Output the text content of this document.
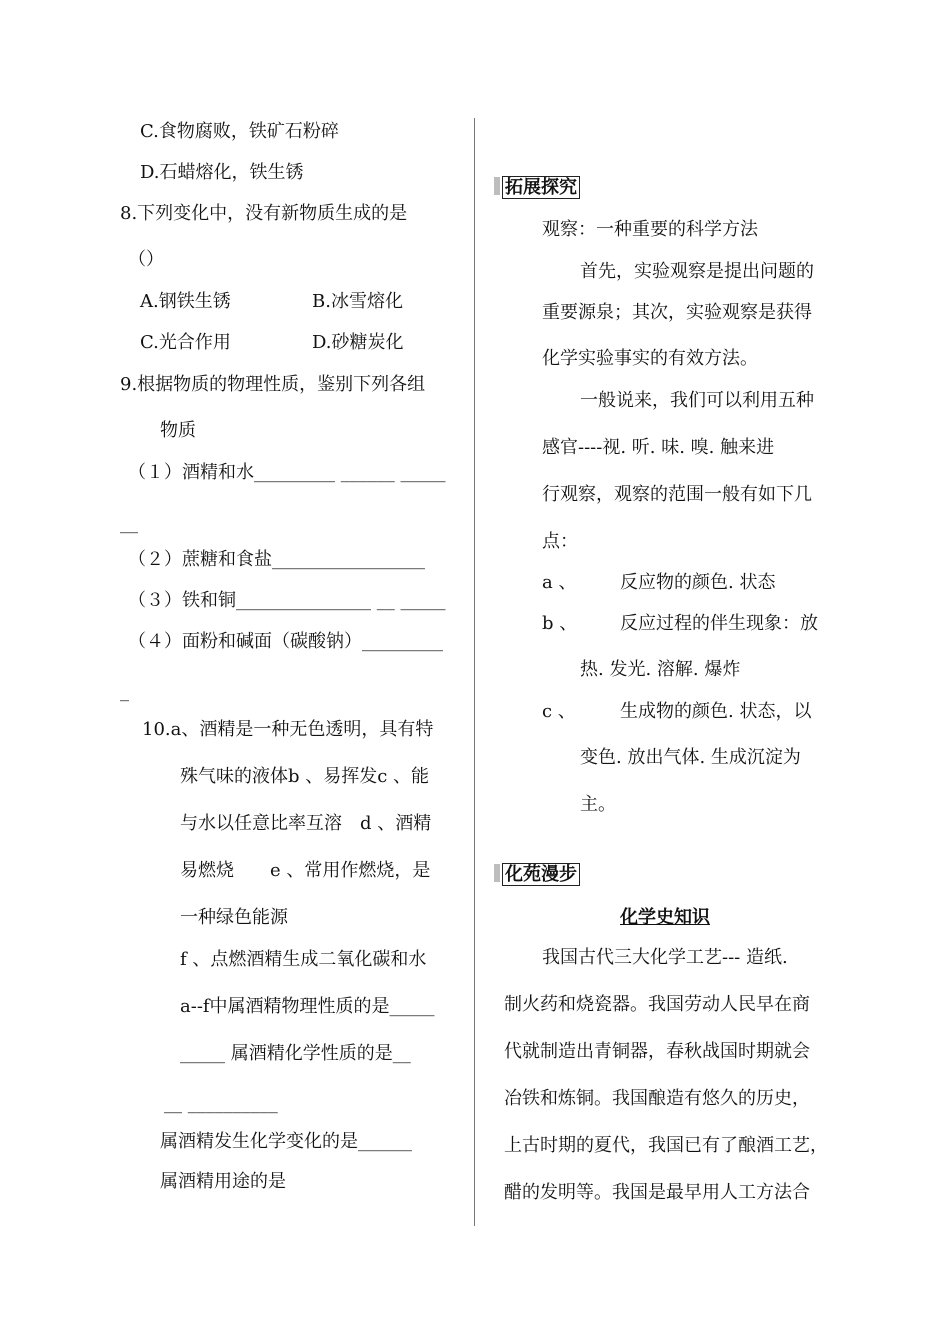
C.食物腐败，铁矿石粉碎
D.石蜡熔化，铁生锈
8.下列变化中，没有新物质生成的是
（）
A.钢铁生锈	B.冰雪熔化
C.光合作用	D.砂糖炭化
9.根据物质的物理性质，鉴别下列各组
物质
（１）酒精和水_________ ______ _____
__
（２）蔗糖和食盐_________________
（３）铁和铜_______________ __ _____
（４）面粉和碱面（碳酸钠）_________
_
10.a、酒精是一种无色透明，具有特
殊气味的液体b 、易挥发c 、能
与水以任意比率互溶　d 、酒精
易燃烧　　e 、常用作燃烧，是
一种绿色能源
f 、点燃酒精生成二氧化碳和水
a--f中属酒精物理性质的是_____
_____ 属酒精化学性质的是__
__ __________
属酒精发生化学变化的是______
属酒精用途的是
拓展探究
观察：一种重要的科学方法
首先，实验观察是提出问题的
重要源泉；其次，实验观察是获得
化学实验事实的有效方法。
一般说来，我们可以利用五种
感官----视. 听. 味. 嗅. 触来进
行观察，观察的范围一般有如下几
点：
a 、 反应物的颜色. 状态
b 、 反应过程的伴生现象：放
热. 发光. 溶解. 爆炸
c 、 生成物的颜色. 状态，以
变色. 放出气体. 生成沉淀为
主。
化苑漫步
化学史知识
我国古代三大化学工艺--- 造纸.
制火药和烧瓷器。我国劳动人民早在商
代就制造出青铜器，春秋战国时期就会
冶铁和炼铜。我国酿造有悠久的历史，
上古时期的夏代，我国已有了酿酒工艺，
醋的发明等。我国是最早用人工方法合
